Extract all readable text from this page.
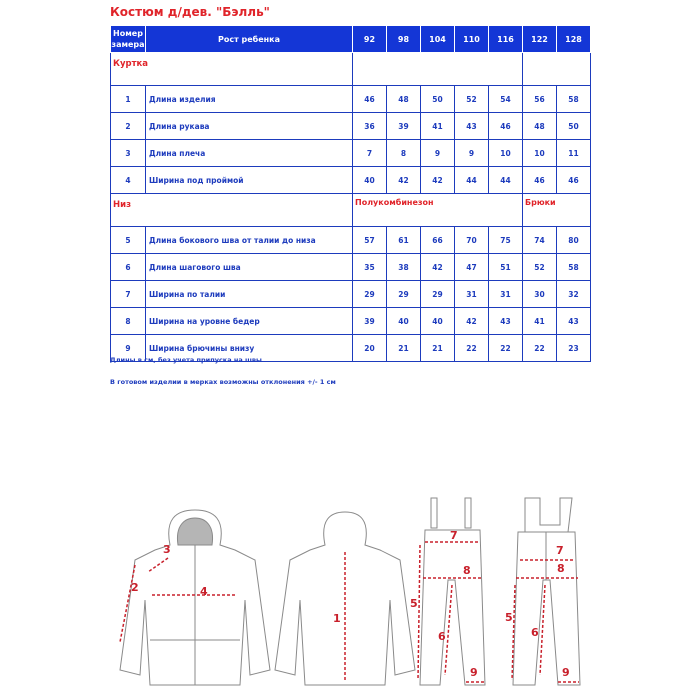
Костюм д/дев. "Бэлль"
Номер замера	Рост ребенка	92	98	104	110	116	122	128
Куртка								
1	Длина изделия	46	48	50	52	54	56	58
2	Длина рукава	36	39	41	43	46	48	50
3	Длина плеча	7	8	9	9	10	10	11
4	Ширина под проймой	40	42	42	44	44	46	46
Низ		Полукомбинезон					Брюки	
5	Длина бокового шва от талии до низа	57	61	66	70	75	74	80
6	Длина шагового шва	35	38	42	47	51	52	58
7	Ширина по талии	29	29	29	31	31	30	32
8	Ширина на уровне бедер	39	40	40	42	43	41	43
9	Ширина брючины внизу	20	21	21	22	22	22	23
Длины в см, без учета припуска на швы
В готовом изделии в мерках возможны отклонения +/- 1 см
3
2	4
1
7
8
5
6
9
7
8
5
6
9
